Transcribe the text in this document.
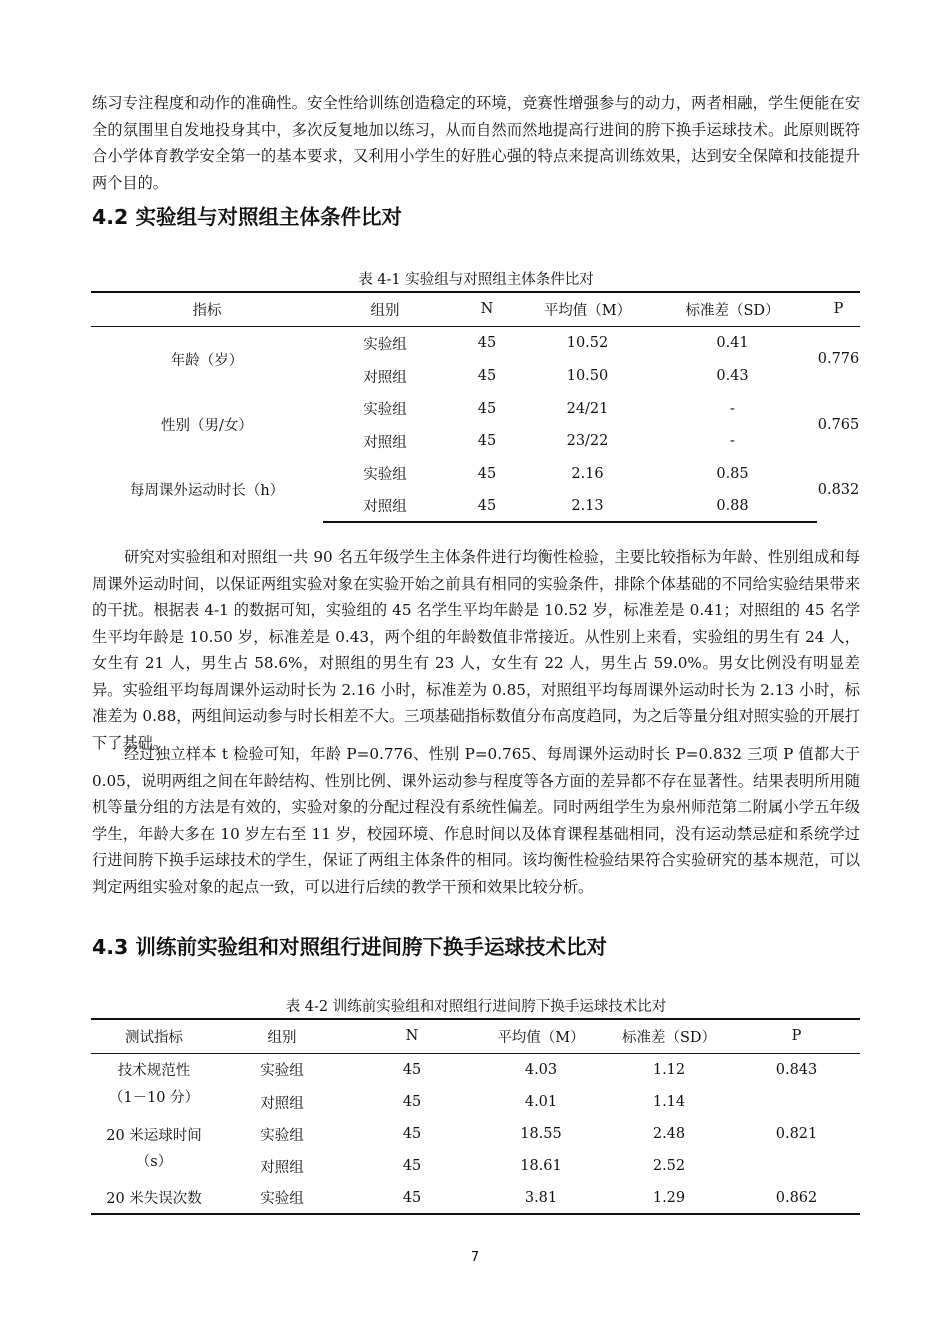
练习专注程度和动作的准确性。安全性给训练创造稳定的环境，竞赛性增强参与的动力，两者相融，学生便能在安全的氛围里自发地投身其中，多次反复地加以练习，从而自然而然地提高行进间的胯下换手运球技术。此原则既符合小学体育教学安全第一的基本要求，又利用小学生的好胜心强的特点来提高训练效果，达到安全保障和技能提升两个目的。

4.2 实验组与对照组主体条件比对

表 4-1 实验组与对照组主体条件比对

指标	组别	N	平均值（M）	标准差（SD）	P
年龄（岁）	实验组	45	10.52	0.41	0.776
	对照组	45	10.50	0.43	
性别（男/女）	实验组	45	24/21	-	0.765
	对照组	45	23/22	-	
每周课外运动时长（h）	实验组	45	2.16	0.85	0.832
	对照组	45	2.13	0.88	

研究对实验组和对照组一共 90 名五年级学生主体条件进行均衡性检验，主要比较指标为年龄、性别组成和每周课外运动时间，以保证两组实验对象在实验开始之前具有相同的实验条件，排除个体基础的不同给实验结果带来的干扰。根据表 4-1 的数据可知，实验组的 45 名学生平均年龄是 10.52 岁，标准差是 0.41；对照组的 45 名学生平均年龄是 10.50 岁，标准差是 0.43，两个组的年龄数值非常接近。从性别上来看，实验组的男生有 24 人，女生有 21 人，男生占 58.6%，对照组的男生有 23 人，女生有 22 人，男生占 59.0%。男女比例没有明显差异。实验组平均每周课外运动时长为 2.16 小时，标准差为 0.85，对照组平均每周课外运动时长为 2.13 小时，标准差为 0.88，两组间运动参与时长相差不大。三项基础指标数值分布高度趋同，为之后等量分组对照实验的开展打下了基础。

经过独立样本 t 检验可知，年龄 P=0.776、性别 P=0.765、每周课外运动时长 P=0.832 三项 P 值都大于 0.05，说明两组之间在年龄结构、性别比例、课外运动参与程度等各方面的差异都不存在显著性。结果表明所用随机等量分组的方法是有效的，实验对象的分配过程没有系统性偏差。同时两组学生为泉州师范第二附属小学五年级学生，年龄大多在 10 岁左右至 11 岁，校园环境、作息时间以及体育课程基础相同，没有运动禁忌症和系统学过行进间胯下换手运球技术的学生，保证了两组主体条件的相同。该均衡性检验结果符合实验研究的基本规范，可以判定两组实验对象的起点一致，可以进行后续的教学干预和效果比较分析。

4.3 训练前实验组和对照组行进间胯下换手运球技术比对

表 4-2 训练前实验组和对照组行进间胯下换手运球技术比对

测试指标	组别	N	平均值（M）	标准差（SD）	P
技术规范性	实验组	45	4.03	1.12	0.843
（1－10 分）	对照组	45	4.01	1.14	
20 米运球时间	实验组	45	18.55	2.48	0.821
（s）	对照组	45	18.61	2.52	
20 米失误次数	实验组	45	3.81	1.29	0.862
7
